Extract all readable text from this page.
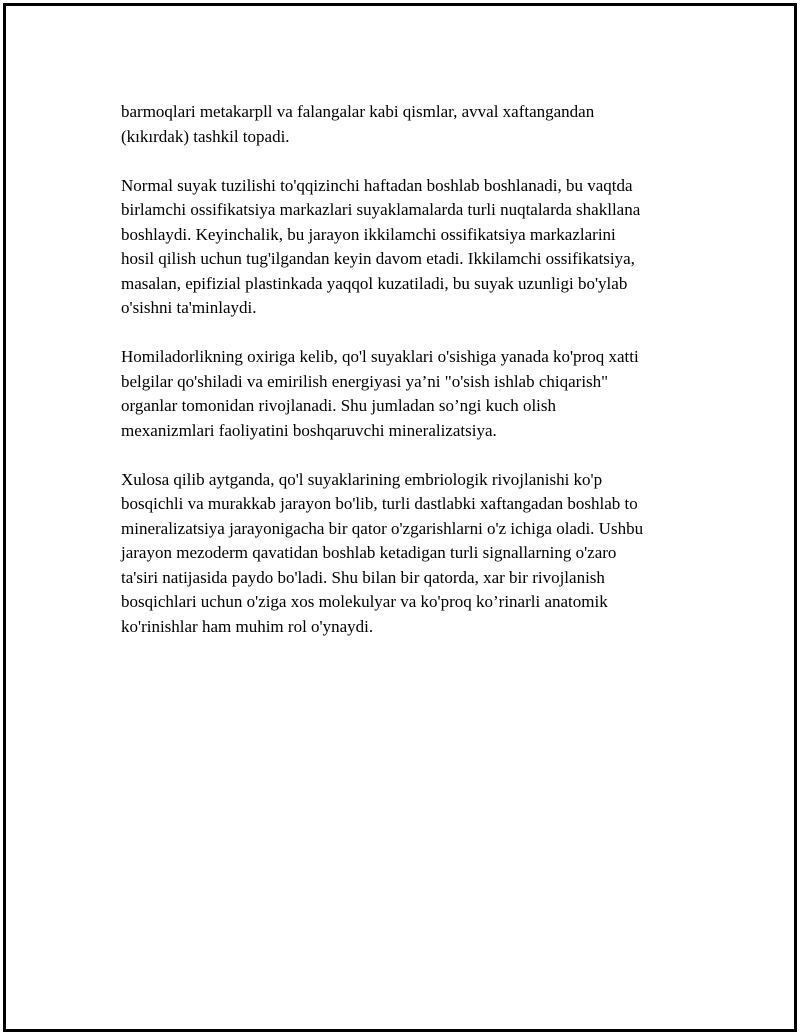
barmoqlari metakarpll va falangalar kabi qismlar, avval xaftangandan
(kıkırdak) tashkil topadi.

Normal suyak tuzilishi to'qqizinchi haftadan boshlab boshlanadi, bu vaqtda
birlamchi ossifikatsiya markazlari suyaklamalarda turli nuqtalarda shakllana
boshlaydi. Keyinchalik, bu jarayon ikkilamchi ossifikatsiya markazlarini
hosil qilish uchun tug'ilgandan keyin davom etadi. Ikkilamchi ossifikatsiya,
masalan, epifizial plastinkada yaqqol kuzatiladi, bu suyak uzunligi bo'ylab
o'sishni ta'minlaydi.

Homiladorlikning oxiriga kelib, qo'l suyaklari o'sishiga yanada ko'proq xatti
belgilar qo'shiladi va emirilish energiyasi ya’ni "o'sish ishlab chiqarish"
organlar tomonidan rivojlanadi. Shu jumladan so’ngi kuch olish
mexanizmlari faoliyatini boshqaruvchi mineralizatsiya.

Xulosa qilib aytganda, qo'l suyaklarining embriologik rivojlanishi ko'p
bosqichli va murakkab jarayon bo'lib, turli dastlabki xaftangadan boshlab to
mineralizatsiya jarayonigacha bir qator o'zgarishlarni o'z ichiga oladi. Ushbu
jarayon mezoderm qavatidan boshlab ketadigan turli signallarning o'zaro
ta'siri natijasida paydo bo'ladi. Shu bilan bir qatorda, xar bir rivojlanish
bosqichlari uchun o'ziga xos molekulyar va ko'proq ko’rinarli anatomik
ko'rinishlar ham muhim rol o'ynaydi.
